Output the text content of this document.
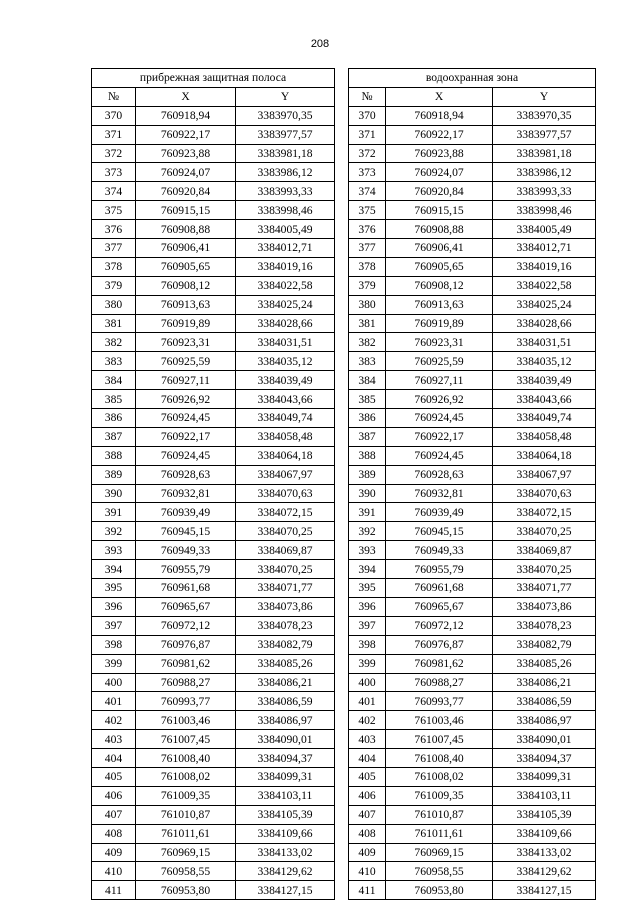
208
прибрежная защитная полоса				водоохранная зона		
№	X	Y		№	X	Y
370	760918,94	3383970,35		370	760918,94	3383970,35
371	760922,17	3383977,57		371	760922,17	3383977,57
372	760923,88	3383981,18		372	760923,88	3383981,18
373	760924,07	3383986,12		373	760924,07	3383986,12
374	760920,84	3383993,33		374	760920,84	3383993,33
375	760915,15	3383998,46		375	760915,15	3383998,46
376	760908,88	3384005,49		376	760908,88	3384005,49
377	760906,41	3384012,71		377	760906,41	3384012,71
378	760905,65	3384019,16		378	760905,65	3384019,16
379	760908,12	3384022,58		379	760908,12	3384022,58
380	760913,63	3384025,24		380	760913,63	3384025,24
381	760919,89	3384028,66		381	760919,89	3384028,66
382	760923,31	3384031,51		382	760923,31	3384031,51
383	760925,59	3384035,12		383	760925,59	3384035,12
384	760927,11	3384039,49		384	760927,11	3384039,49
385	760926,92	3384043,66		385	760926,92	3384043,66
386	760924,45	3384049,74		386	760924,45	3384049,74
387	760922,17	3384058,48		387	760922,17	3384058,48
388	760924,45	3384064,18		388	760924,45	3384064,18
389	760928,63	3384067,97		389	760928,63	3384067,97
390	760932,81	3384070,63		390	760932,81	3384070,63
391	760939,49	3384072,15		391	760939,49	3384072,15
392	760945,15	3384070,25		392	760945,15	3384070,25
393	760949,33	3384069,87		393	760949,33	3384069,87
394	760955,79	3384070,25		394	760955,79	3384070,25
395	760961,68	3384071,77		395	760961,68	3384071,77
396	760965,67	3384073,86		396	760965,67	3384073,86
397	760972,12	3384078,23		397	760972,12	3384078,23
398	760976,87	3384082,79		398	760976,87	3384082,79
399	760981,62	3384085,26		399	760981,62	3384085,26
400	760988,27	3384086,21		400	760988,27	3384086,21
401	760993,77	3384086,59		401	760993,77	3384086,59
402	761003,46	3384086,97		402	761003,46	3384086,97
403	761007,45	3384090,01		403	761007,45	3384090,01
404	761008,40	3384094,37		404	761008,40	3384094,37
405	761008,02	3384099,31		405	761008,02	3384099,31
406	761009,35	3384103,11		406	761009,35	3384103,11
407	761010,87	3384105,39		407	761010,87	3384105,39
408	761011,61	3384109,66		408	761011,61	3384109,66
409	760969,15	3384133,02		409	760969,15	3384133,02
410	760958,55	3384129,62		410	760958,55	3384129,62
411	760953,80	3384127,15		411	760953,80	3384127,15
